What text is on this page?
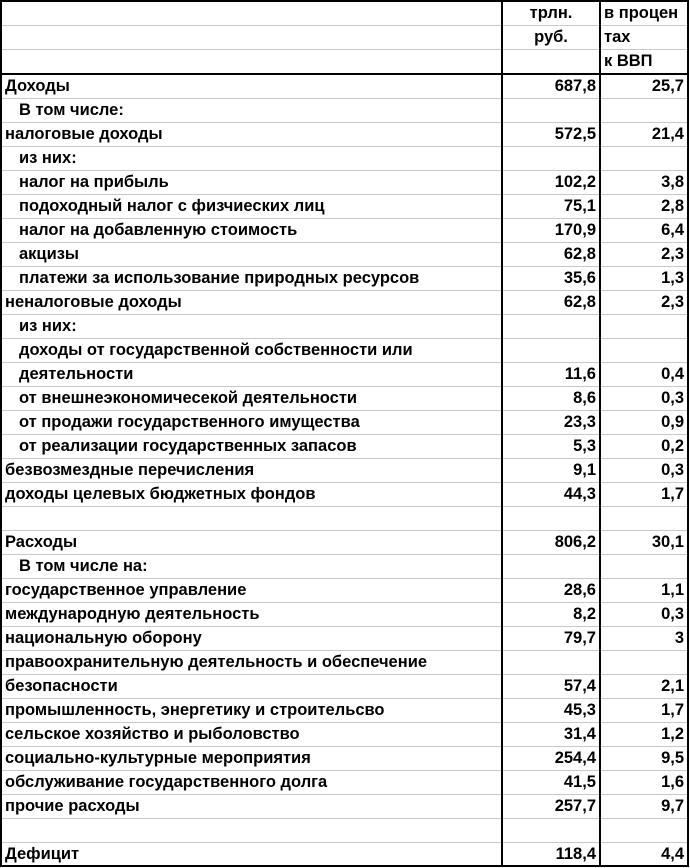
	трлн.	в процен
	руб.	тах
		к ВВП
Доходы	687,8	25,7
В том числе:		
налоговые доходы	572,5	21,4
из них:		
налог на прибыль	102,2	3,8
подоходный налог с физчиеских лиц	75,1	2,8
налог на добавленную стоимость	170,9	6,4
акцизы	62,8	2,3
платежи за использование природных ресурсов	35,6	1,3
неналоговые доходы	62,8	2,3
из них:		
доходы от государственной собственности или		
деятельности	11,6	0,4
от внешнеэкономичесекой деятельности	8,6	0,3
от продажи государственного имущества	23,3	0,9
от реализации государственных запасов	5,3	0,2
безвозмездные перечисления	9,1	0,3
доходы целевых бюджетных фондов	44,3	1,7

Расходы	806,2	30,1
В том числе на:		
государственное управление	28,6	1,1
международную деятельность	8,2	0,3
национальную оборону	79,7	3
правоохранительную деятельность и обеспечение		
безопасности	57,4	2,1
промышленность, энергетику и строительсво	45,3	1,7
сельское хозяйство и рыболовство	31,4	1,2
социально-культурные мероприятия	254,4	9,5
обслуживание государственного долга	41,5	1,6
прочие расходы	257,7	9,7

Дефицит	118,4	4,4
